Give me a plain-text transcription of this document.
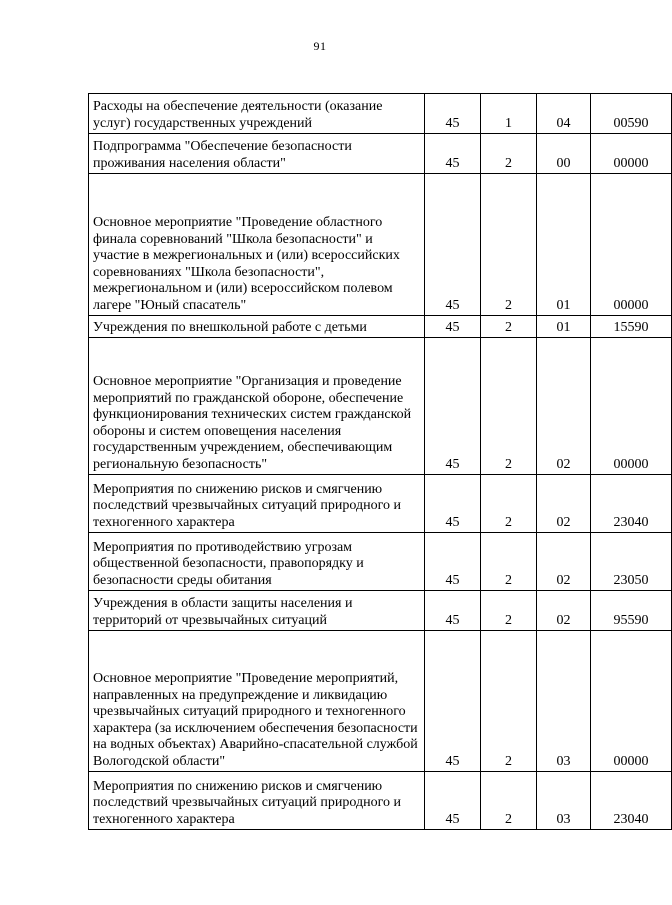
91
Расходы на обеспечение деятельности (оказание услуг) государственных учреждений	45	1	04	00590
Подпрограмма "Обеспечение безопасности проживания населения области"	45	2	00	00000
Основное мероприятие "Проведение областного финала соревнований "Школа безопасности" и участие в межрегиональных и (или) всероссийских соревнованиях "Школа безопасности", межрегиональном и (или) всероссийском полевом лагере "Юный спасатель"	45	2	01	00000
Учреждения по внешкольной работе с детьми	45	2	01	15590
Основное мероприятие "Организация и проведение мероприятий по гражданской обороне, обеспечение функционирования технических систем гражданской обороны и систем оповещения населения государственным учреждением, обеспечивающим региональную безопасность"	45	2	02	00000
Мероприятия по снижению рисков и смягчению последствий чрезвычайных ситуаций природного и техногенного характера	45	2	02	23040
Мероприятия по противодействию угрозам общественной безопасности, правопорядку и безопасности среды обитания	45	2	02	23050
Учреждения в области защиты населения и территорий от чрезвычайных ситуаций	45	2	02	95590
Основное мероприятие "Проведение мероприятий, направленных на предупреждение и ликвидацию чрезвычайных ситуаций природного и техногенного характера (за исключением обеспечения безопасности на водных объектах) Аварийно-спасательной службой Вологодской области"	45	2	03	00000
Мероприятия по снижению рисков и смягчению последствий чрезвычайных ситуаций природного и техногенного характера	45	2	03	23040
